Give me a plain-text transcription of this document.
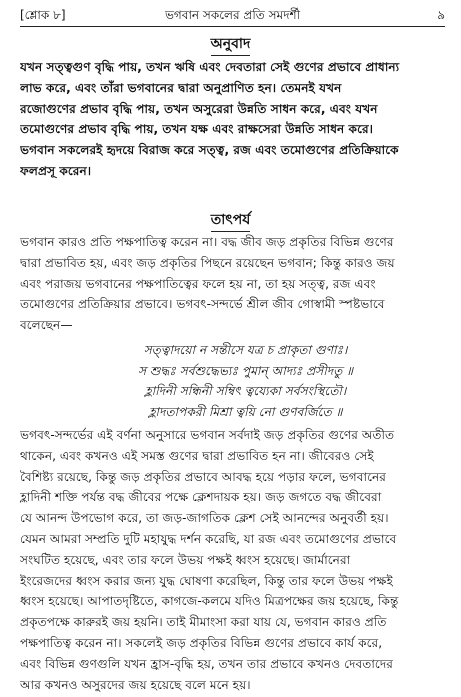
[শ্লোক ৮]	ভগবান সকলের প্রতি সমদর্শী	৯
অনুবাদ
যখন সত্ত্বগুণ বৃদ্ধি পায়, তখন ঋষি এবং দেবতারা সেই গুণের প্রভাবে প্রাধান্য
লাভ করে, এবং তাঁরা ভগবানের দ্বারা অনুপ্রাণিত হন। তেমনই যখন
রজোগুণের প্রভাব বৃদ্ধি পায়, তখন অসুরেরা উন্নতি সাধন করে, এবং যখন
তমোগুণের প্রভাব বৃদ্ধি পায়, তখন যক্ষ এবং রাক্ষসেরা উন্নতি সাধন করে।
ভগবান সকলেরই হৃদয়ে বিরাজ করে সত্ত্ব, রজ এবং তমোগুণের প্রতিক্রিয়াকে
ফলপ্রসূ করেন।
তাৎপর্য
ভগবান কারও প্রতি পক্ষপাতিত্ব করেন না। বদ্ধ জীব জড় প্রকৃতির বিভিন্ন গুণের
দ্বারা প্রভাবিত হয়, এবং জড় প্রকৃতির পিছনে রয়েছেন ভগবান; কিন্তু কারও জয়
এবং পরাজয় ভগবানের পক্ষপাতিত্বের ফলে হয় না, তা হয় সত্ত্ব, রজ এবং
তমোগুণের প্রতিক্রিয়ার প্রভাবে। ভগবৎ-সন্দর্ভে শ্রীল জীব গোস্বামী স্পষ্টভাবে
বলেছেন—
সত্ত্বাদয়ো ন সন্তীসে যত্র চ প্রাকৃতা গুণাঃ।
স শুদ্ধঃ সর্বশুদ্ধেভ্যঃ পুমান্ আদ্যঃ প্রসীদতু ॥
হ্লাদিনী সন্ধিনী সম্বিৎ ত্বয্যেকা সর্বসংস্থিতৌ।
হ্লাদতাপকরী মিশ্রা ত্বয়ি নো গুণবর্জিতে ॥
ভগবৎ-সন্দর্ভের এই বর্ণনা অনুসারে ভগবান সর্বদাই জড় প্রকৃতির গুণের অতীত
থাকেন, এবং কখনও এই সমস্ত গুণের দ্বারা প্রভাবিত হন না। জীবেরও সেই
বৈশিষ্ট্য রয়েছে, কিন্তু জড় প্রকৃতির প্রভাবে আবদ্ধ হয়ে পড়ার ফলে, ভগবানের
হ্লাদিনী শক্তি পর্যন্ত বদ্ধ জীবের পক্ষে ক্লেশদায়ক হয়। জড় জগতে বদ্ধ জীবেরা
যে আনন্দ উপভোগ করে, তা জড়-জাগতিক ক্লেশ সেই আনন্দের অনুবর্তী হয়।
যেমন আমরা সম্প্রতি দুটি মহাযুদ্ধ দর্শন করেছি, যা রজ এবং তমোগুণের প্রভাবে
সংঘটিত হয়েছে, এবং তার ফলে উভয় পক্ষই ধ্বংস হয়েছে। জার্মানেরা
ইংরেজদের ধ্বংস করার জন্য যুদ্ধ ঘোষণা করেছিল, কিন্তু তার ফলে উভয় পক্ষই
ধ্বংস হয়েছে। আপাতদৃষ্টিতে, কাগজে-কলমে যদিও মিত্রপক্ষের জয় হয়েছে, কিন্তু
প্রকৃতপক্ষে কারুরই জয় হয়নি। তাই মীমাংসা করা যায় যে, ভগবান কারও প্রতি
পক্ষপাতিত্ব করেন না। সকলেই জড় প্রকৃতির বিভিন্ন গুণের প্রভাবে কার্য করে,
এবং বিভিন্ন গুণগুলি যখন হ্রাস-বৃদ্ধি হয়, তখন তার প্রভাবে কখনও দেবতাদের
আর কখনও অসুরদের জয় হয়েছে বলে মনে হয়।
